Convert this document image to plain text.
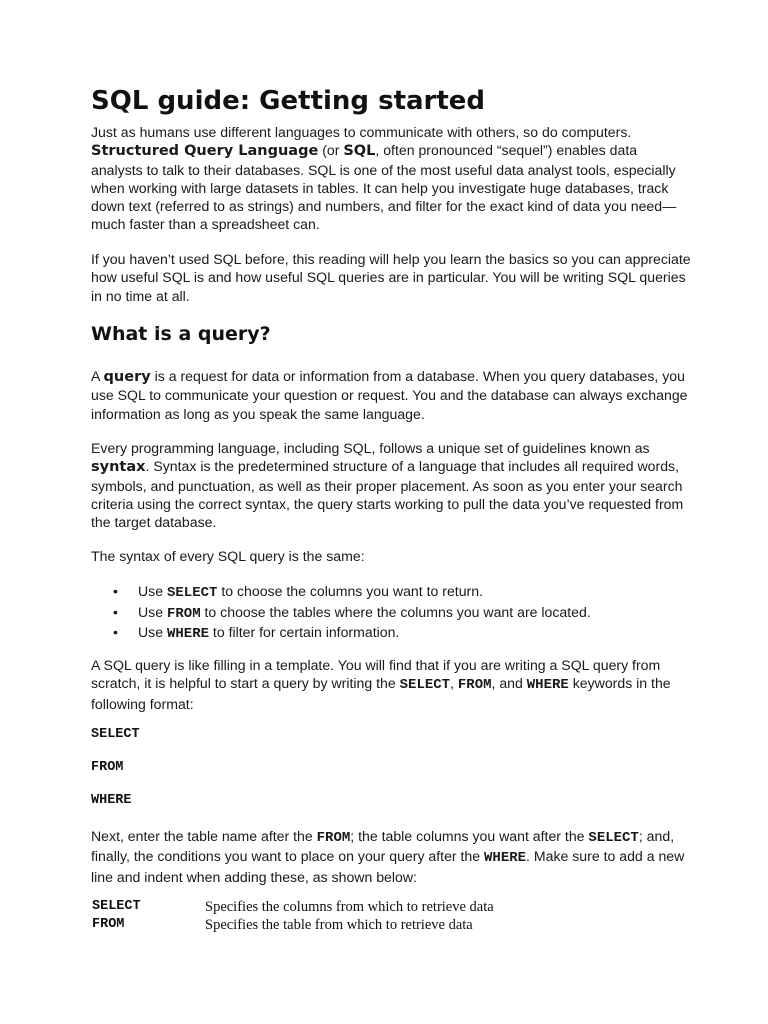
SQL guide: Getting started

Just as humans use different languages to communicate with others, so do computers.
Structured Query Language (or SQL, often pronounced “sequel”) enables data analysts to talk to their databases. SQL is one of the most useful data analyst tools, especially when working with large datasets in tables. It can help you investigate huge databases, track down text (referred to as strings) and numbers, and filter for the exact kind of data you need—much faster than a spreadsheet can.

If you haven’t used SQL before, this reading will help you learn the basics so you can appreciate how useful SQL is and how useful SQL queries are in particular. You will be writing SQL queries in no time at all.

What is a query?

A query is a request for data or information from a database. When you query databases, you use SQL to communicate your question or request. You and the database can always exchange information as long as you speak the same language.

Every programming language, including SQL, follows a unique set of guidelines known as
syntax. Syntax is the predetermined structure of a language that includes all required words, symbols, and punctuation, as well as their proper placement. As soon as you enter your search criteria using the correct syntax, the query starts working to pull the data you’ve requested from the target database.

The syntax of every SQL query is the same:

• Use SELECT to choose the columns you want to return.
• Use FROM to choose the tables where the columns you want are located.
• Use WHERE to filter for certain information.

A SQL query is like filling in a template. You will find that if you are writing a SQL query from scratch, it is helpful to start a query by writing the SELECT, FROM, and WHERE keywords in the following format:

SELECT

FROM

WHERE

Next, enter the table name after the FROM; the table columns you want after the SELECT; and, finally, the conditions you want to place on your query after the WHERE. Make sure to add a new line and indent when adding these, as shown below:

SELECT	Specifies the columns from which to retrieve data
FROM	Specifies the table from which to retrieve data
